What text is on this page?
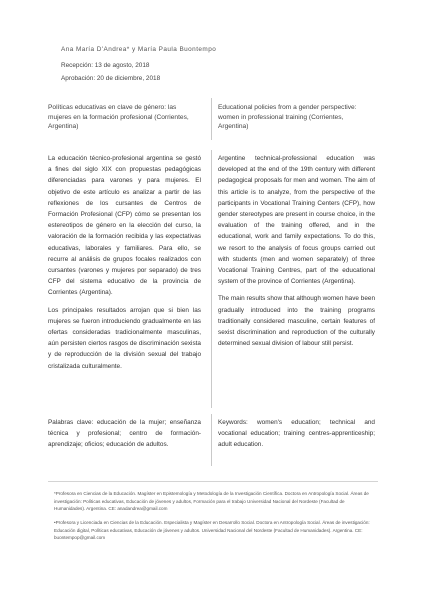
Ana María D'Andrea* y María Paula Buontempo
Recepción: 13 de agosto, 2018
Aprobación: 20 de diciembre, 2018
Políticas educativas en clave de género: las mujeres en la formación profesional (Corrientes, Argentina)
Educational policies from a gender perspective: women in professional training (Corrientes, Argentina)

La educación técnico-profesional argentina se gestó a fines del siglo XIX con propuestas pedagógicas diferenciadas para varones y para mujeres. El objetivo de este artículo es analizar a partir de las reflexiones de los cursantes de Centros de Formación Profesional (CFP) cómo se presentan los estereotipos de género en la elección del curso, la valoración de la formación recibida y las expectativas educativas, laborales y familiares. Para ello, se recurre al análisis de grupos focales realizados con cursantes (varones y mujeres por separado) de tres CFP del sistema educativo de la provincia de Corrientes (Argentina).

Los principales resultados arrojan que si bien las mujeres se fueron introduciendo gradualmente en las ofertas consideradas tradicionalmente masculinas, aún persisten ciertos rasgos de discriminación sexista y de reproducción de la división sexual del trabajo cristalizada culturalmente.

Argentine technical-professional education was developed at the end of the 19th century with different pedagogical proposals for men and women. The aim of this article is to analyze, from the perspective of the participants in Vocational Training Centers (CFP), how gender stereotypes are present in course choice, in the evaluation of the training offered, and in the educational, work and family expectations. To do this, we resort to the analysis of focus groups carried out with students (men and women separately) of three Vocational Training Centres, part of the educational system of the province of Corrientes (Argentina).

The main results show that although women have been gradually introduced into the training programs traditionally considered masculine, certain features of sexist discrimination and reproduction of the culturally determined sexual division of labour still persist.

Palabras clave: educación de la mujer; enseñanza técnica y profesional; centro de formación-aprendizaje; oficios; educación de adultos.
Keywords: women's education; technical and vocational education; training centres-apprenticeship; adult education.
*Profesora en Ciencias de la Educación. Magíster en Epistemología y Metodología de la Investigación Científica. Doctora en Antropología Social. Áreas de investigación: Políticas educativas, Educación de jóvenes y adultos, Formación para el trabajo Universidad Nacional del Nordeste (Facultad de Humanidades). Argentina. CE: anadandrea@gmail.com
•Profesora y Licenciada en Ciencias de la Educación. Especialista y Magíster en Desarrollo Social. Doctora en Antropología Social. Áreas de investigación: Educación digital, Políticas educativas, Educación de jóvenes y adultos. Universidad Nacional del Nordeste (Facultad de Humanidades). Argentina. CE: buontempop@gmail.com
